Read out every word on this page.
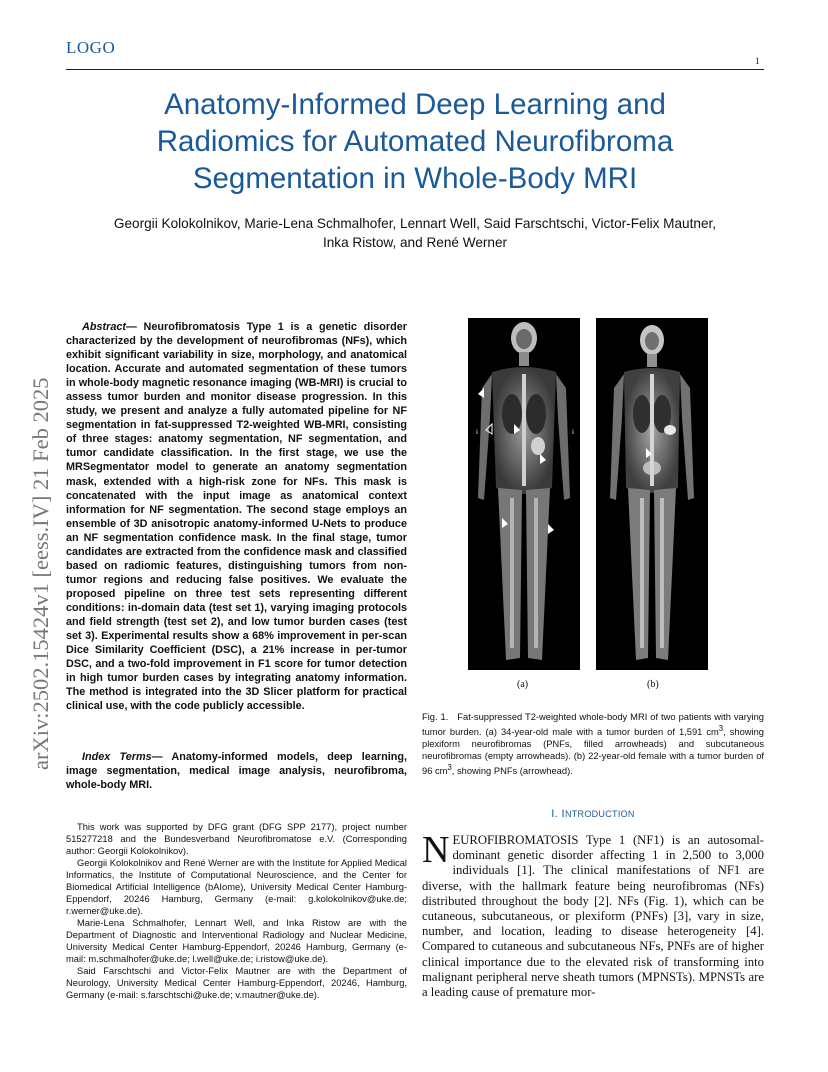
LOGO
1
Anatomy-Informed Deep Learning and
Radiomics for Automated Neurofibroma
Segmentation in Whole-Body MRI
Georgii Kolokolnikov, Marie-Lena Schmalhofer, Lennart Well, Said Farschtschi, Victor-Felix Mautner,
Inka Ristow, and René Werner
arXiv:2502.15424v1 [eess.IV] 21 Feb 2025

Abstract— Neurofibromatosis Type 1 is a genetic disorder characterized by the development of neurofibromas (NFs), which exhibit significant variability in size, morphology, and anatomical location. Accurate and automated segmentation of these tumors in whole-body magnetic resonance imaging (WB-MRI) is crucial to assess tumor burden and monitor disease progression. In this study, we present and analyze a fully automated pipeline for NF segmentation in fat-suppressed T2-weighted WB-MRI, consisting of three stages: anatomy segmentation, NF segmentation, and tumor candidate classification. In the first stage, we use the MRSegmentator model to generate an anatomy segmentation mask, extended with a high-risk zone for NFs. This mask is concatenated with the input image as anatomical context information for NF segmentation. The second stage employs an ensemble of 3D anisotropic anatomy-informed U-Nets to produce an NF segmentation confidence mask. In the final stage, tumor candidates are extracted from the confidence mask and classified based on radiomic features, distinguishing tumors from non-tumor regions and reducing false positives. We evaluate the proposed pipeline on three test sets representing different conditions: in-domain data (test set 1), varying imaging protocols and field strength (test set 2), and low tumor burden cases (test set 3). Experimental results show a 68% improvement in per-scan Dice Similarity Coefficient (DSC), a 21% increase in per-tumor DSC, and a two-fold improvement in F1 score for tumor detection in high tumor burden cases by integrating anatomy information. The method is integrated into the 3D Slicer platform for practical clinical use, with the code publicly accessible.

Index Terms— Anatomy-informed models, deep learning, image segmentation, medical image analysis, neurofibroma, whole-body MRI.

This work was supported by DFG grant (DFG SPP 2177), project number 515277218 and the Bundesverband Neurofibromatose e.V. (Corresponding author: Georgii Kolokolnikov).

Georgii Kolokolnikov and René Werner are with the Institute for Applied Medical Informatics, the Institute of Computational Neuroscience, and the Center for Biomedical Artificial Intelligence (bAIome), University Medical Center Hamburg-Eppendorf, 20246 Hamburg, Germany (e-mail: g.kolokolnikov@uke.de; r.werner@uke.de).

Marie-Lena Schmalhofer, Lennart Well, and Inka Ristow are with the Department of Diagnostic and Interventional Radiology and Nuclear Medicine, University Medical Center Hamburg-Eppendorf, 20246 Hamburg, Germany (e-mail: m.schmalhofer@uke.de; l.well@uke.de; i.ristow@uke.de).

Said Farschtschi and Victor-Felix Mautner are with the Department of Neurology, University Medical Center Hamburg-Eppendorf, 20246, Hamburg, Germany (e-mail: s.farschtschi@uke.de; v.mautner@uke.de).

i	i
(a)	(b)

Fig. 1. Fat-suppressed T2-weighted whole-body MRI of two patients with varying tumor burden. (a) 34-year-old male with a tumor burden of 1,591 $cm^3$, showing plexiform neurofibromas (PNFs, filled arrowheads) and subcutaneous neurofibromas (empty arrowheads). (b) 22-year-old female with a tumor burden of 96 $cm^3$, showing PNFs (arrowhead).

I. INTRODUCTION

NEUROFIBROMATOSIS Type 1 (NF1) is an autosomal-dominant genetic disorder affecting 1 in 2,500 to 3,000 individuals [1]. The clinical manifestations of NF1 are diverse, with the hallmark feature being neurofibromas (NFs) distributed throughout the body [2]. NFs (Fig. 1), which can be cutaneous, subcutaneous, or plexiform (PNFs) [3], vary in size, number, and location, leading to disease heterogeneity [4]. Compared to cutaneous and subcutaneous NFs, PNFs are of higher clinical importance due to the elevated risk of transforming into malignant peripheral nerve sheath tumors (MPNSTs). MPNSTs are a leading cause of premature mor-
